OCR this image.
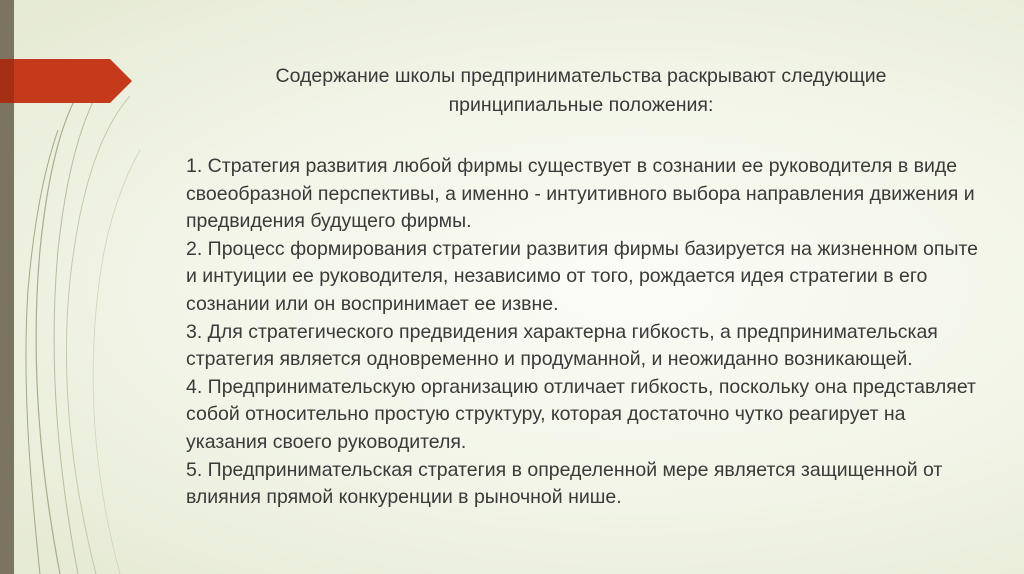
Содержание школы предпринимательства раскрывают следующие
принципиальные положения:
1. Стратегия развития любой фирмы существует в сознании ее руководителя в виде своеобразной перспективы, а именно - интуитивного выбора направления движения и предвидения будущего фирмы.
2. Процесс формирования стратегии развития фирмы базируется на жизненном опыте и интуиции ее руководителя, независимо от того, рождается идея стратегии в его сознании или он воспринимает ее извне.
3. Для стратегического предвидения характерна гибкость, а предпринимательская стратегия является одновременно и продуманной, и неожиданно возникающей.
4. Предпринимательскую организацию отличает гибкость, поскольку она представляет собой относительно простую структуру, которая достаточно чутко реагирует на указания своего руководителя.
5. Предпринимательская стратегия в определенной мере является защищенной от влияния прямой конкуренции в рыночной нише.
